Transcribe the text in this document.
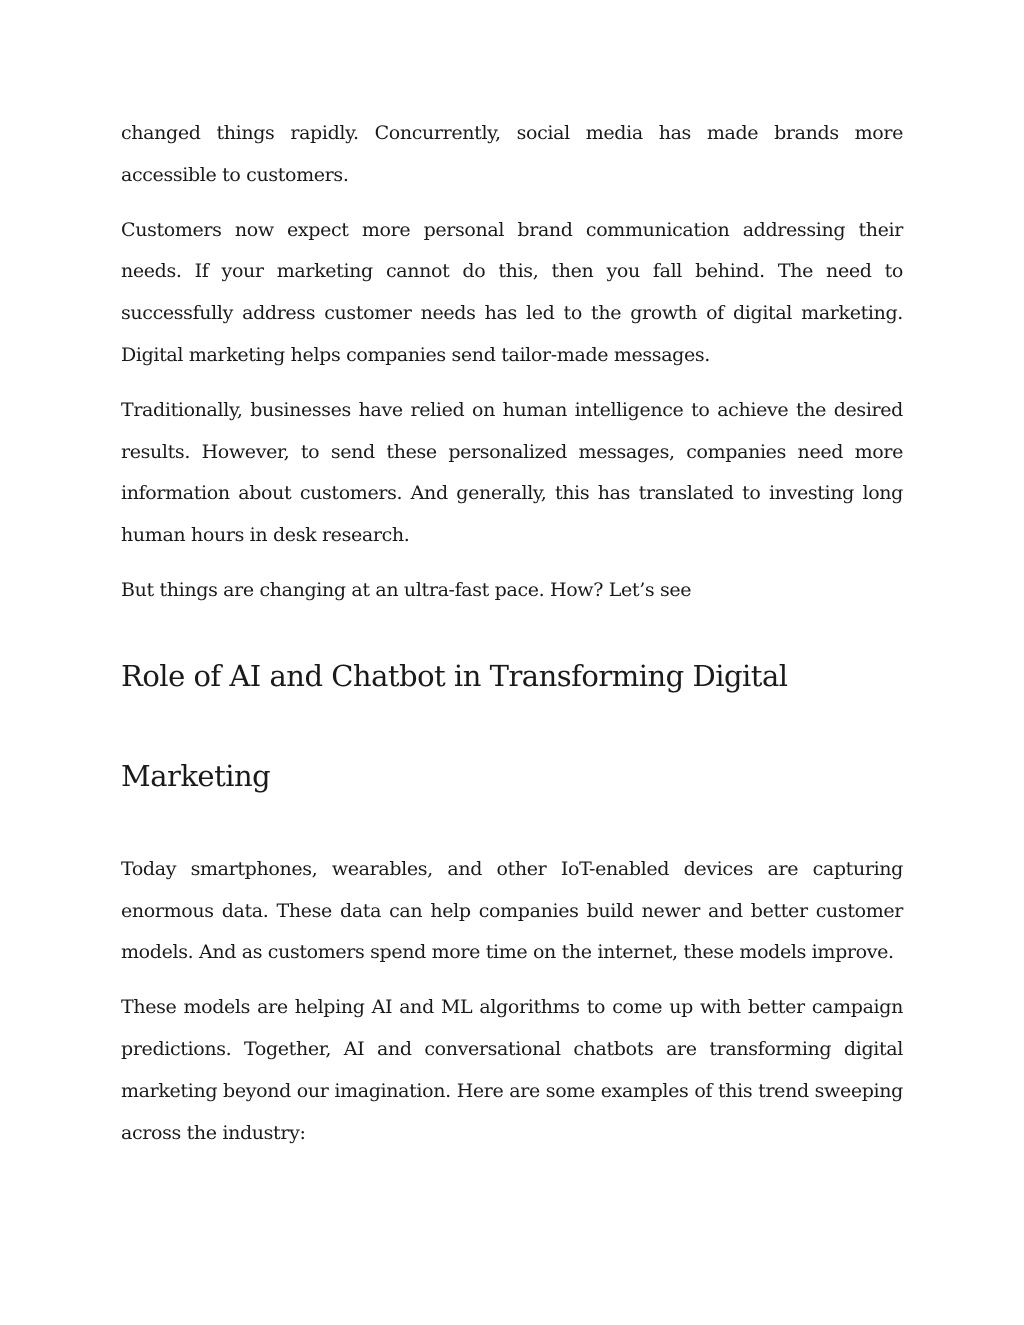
changed things rapidly. Concurrently, social media has made brands more accessible to customers.

Customers now expect more personal brand communication addressing their needs. If your marketing cannot do this, then you fall behind. The need to successfully address customer needs has led to the growth of digital marketing. Digital marketing helps companies send tailor-made messages.

Traditionally, businesses have relied on human intelligence to achieve the desired results. However, to send these personalized messages, companies need more information about customers. And generally, this has translated to investing long human hours in desk research.

But things are changing at an ultra-fast pace. How? Let’s see

Role of AI and Chatbot in Transforming Digital Marketing

Today smartphones, wearables, and other IoT-enabled devices are capturing enormous data. These data can help companies build newer and better customer models. And as customers spend more time on the internet, these models improve.

These models are helping AI and ML algorithms to come up with better campaign predictions. Together, AI and conversational chatbots are transforming digital marketing beyond our imagination. Here are some examples of this trend sweeping across the industry:
